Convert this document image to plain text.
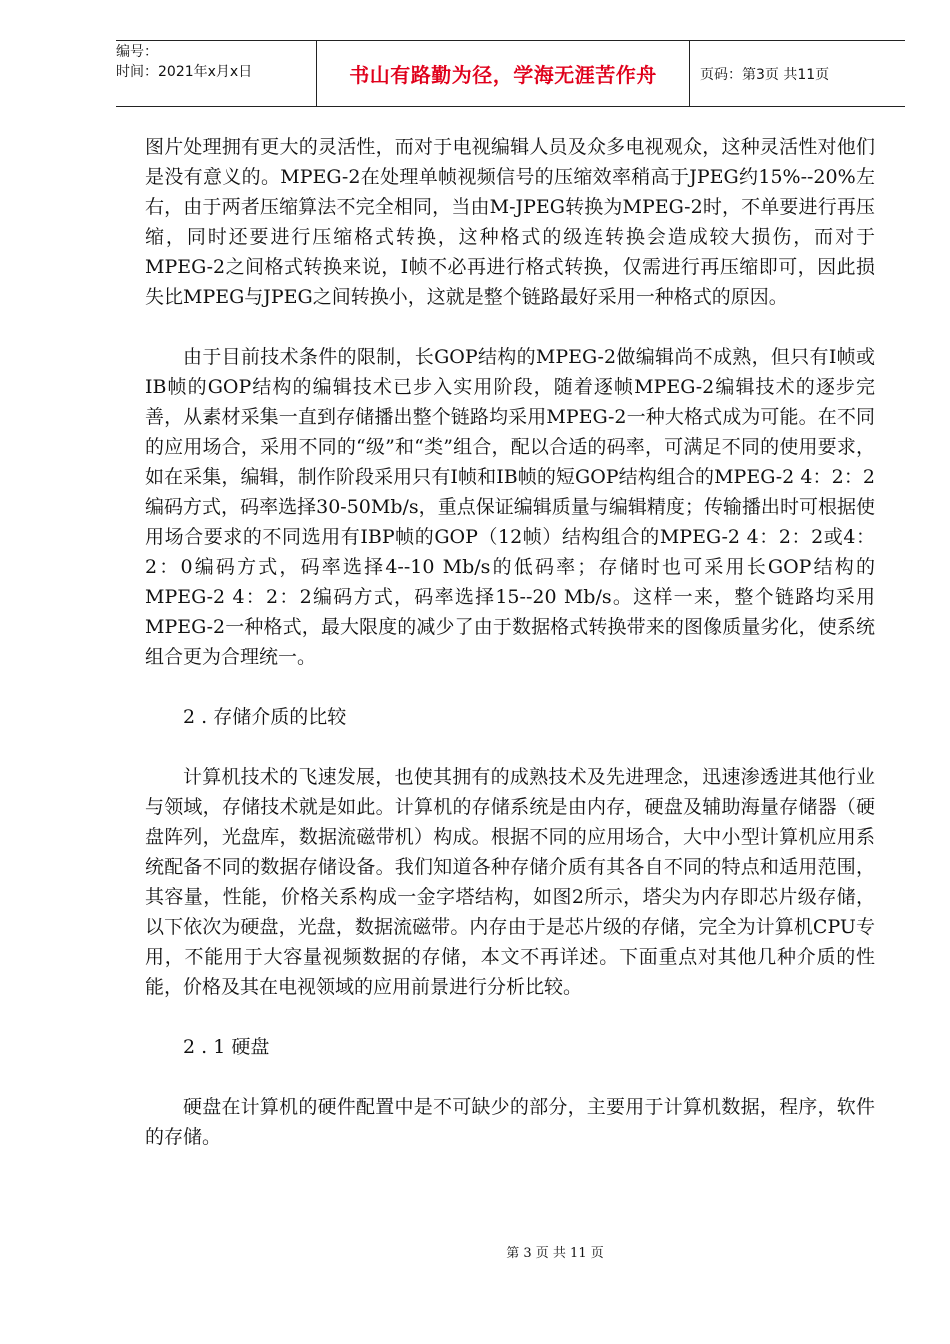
编号：
时间：2021年x月x日	书山有路勤为径，学海无涯苦作舟	页码：第3页 共11页

图片处理拥有更大的灵活性，而对于电视编辑人员及众多电视观众，这种灵活性对他们是没有意义的。MPEG-2在处理单帧视频信号的压缩效率稍高于JPEG约15%--20%左右，由于两者压缩算法不完全相同，当由M-JPEG转换为MPEG-2时，不单要进行再压缩，同时还要进行压缩格式转换，这种格式的级连转换会造成较大损伤，而对于MPEG-2之间格式转换来说，I帧不必再进行格式转换，仅需进行再压缩即可，因此损失比MPEG与JPEG之间转换小，这就是整个链路最好采用一种格式的原因。

由于目前技术条件的限制，长GOP结构的MPEG-2做编辑尚不成熟，但只有I帧或IB帧的GOP结构的编辑技术已步入实用阶段，随着逐帧MPEG-2编辑技术的逐步完善，从素材采集一直到存储播出整个链路均采用MPEG-2一种大格式成为可能。在不同的应用场合，采用不同的“级”和“类”组合，配以合适的码率，可满足不同的使用要求，如在采集，编辑，制作阶段采用只有I帧和IB帧的短GOP结构组合的MPEG-2 4：2：2编码方式，码率选择30-50Mb/s，重点保证编辑质量与编辑精度；传输播出时可根据使用场合要求的不同选用有IBP帧的GOP（12帧）结构组合的MPEG-2 4：2：2或4：2：0编码方式，码率选择4--10 Mb/s的低码率；存储时也可采用长GOP结构的MPEG-2 4：2：2编码方式，码率选择15--20 Mb/s。这样一来，整个链路均采用MPEG-2一种格式，最大限度的减少了由于数据格式转换带来的图像质量劣化，使系统组合更为合理统一。

2 . 存储介质的比较

计算机技术的飞速发展，也使其拥有的成熟技术及先进理念，迅速渗透进其他行业与领域，存储技术就是如此。计算机的存储系统是由内存，硬盘及辅助海量存储器（硬盘阵列，光盘库，数据流磁带机）构成。根据不同的应用场合，大中小型计算机应用系统配备不同的数据存储设备。我们知道各种存储介质有其各自不同的特点和适用范围，其容量，性能，价格关系构成一金字塔结构，如图2所示，塔尖为内存即芯片级存储，以下依次为硬盘，光盘，数据流磁带。内存由于是芯片级的存储，完全为计算机CPU专用，不能用于大容量视频数据的存储，本文不再详述。下面重点对其他几种介质的性能，价格及其在电视领域的应用前景进行分析比较。

2 . 1 硬盘

硬盘在计算机的硬件配置中是不可缺少的部分，主要用于计算机数据，程序，软件的存储。

第 3 页 共 11 页
